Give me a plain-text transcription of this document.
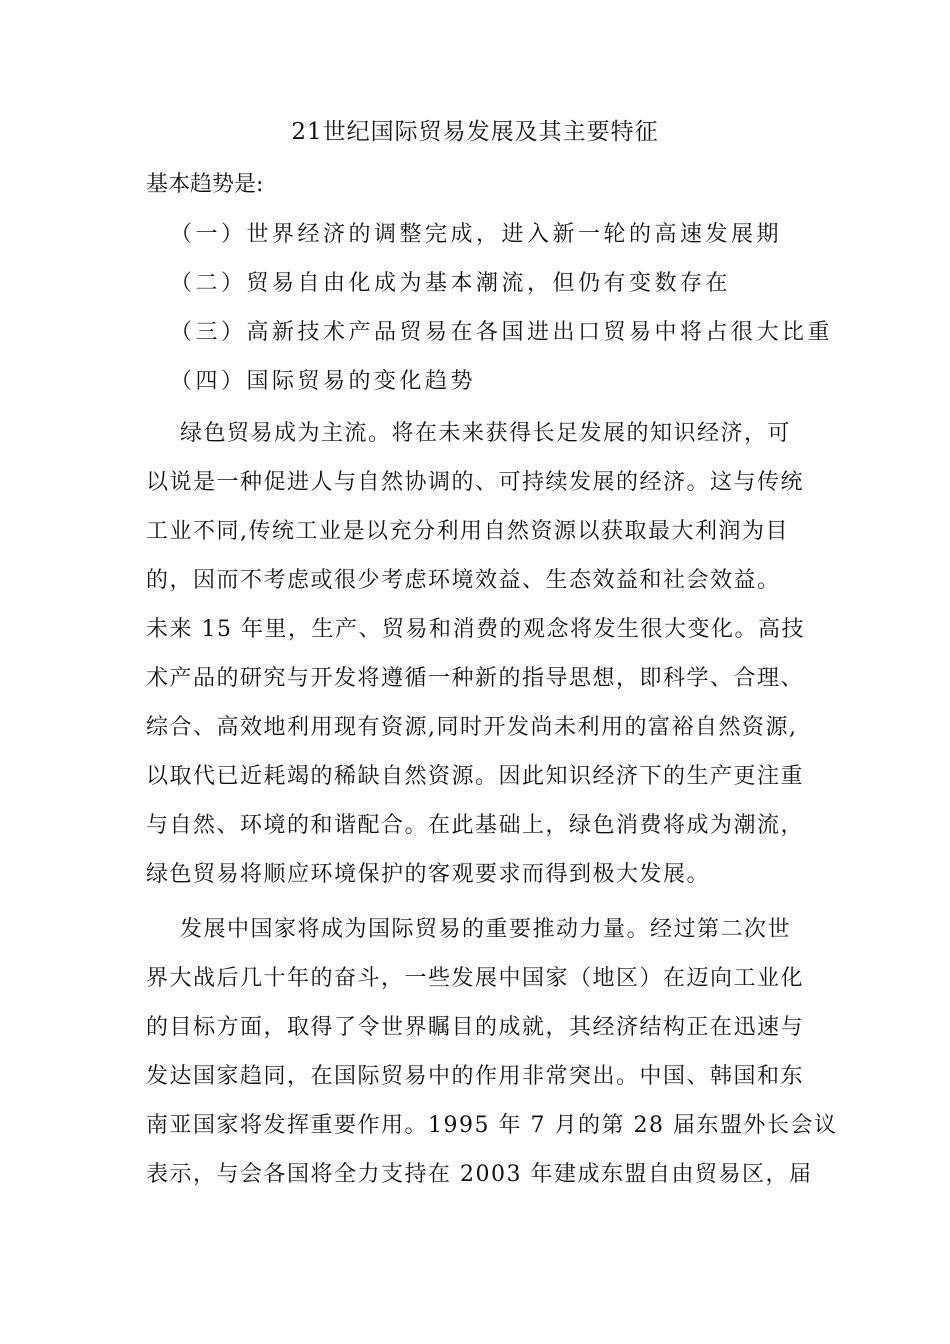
21世纪国际贸易发展及其主要特征
基本趋势是:
（一）世界经济的调整完成，进入新一轮的高速发展期
（二）贸易自由化成为基本潮流，但仍有变数存在
（三）高新技术产品贸易在各国进出口贸易中将占很大比重
（四）国际贸易的变化趋势
绿色贸易成为主流。将在未来获得长足发展的知识经济，可
以说是一种促进人与自然协调的、可持续发展的经济。这与传统
工业不同,传统工业是以充分利用自然资源以获取最大利润为目
的，因而不考虑或很少考虑环境效益、生态效益和社会效益。
未来 15 年里，生产、贸易和消费的观念将发生很大变化。高技
术产品的研究与开发将遵循一种新的指导思想，即科学、合理、
综合、高效地利用现有资源,同时开发尚未利用的富裕自然资源,
以取代已近耗竭的稀缺自然资源。因此知识经济下的生产更注重
与自然、环境的和谐配合。在此基础上，绿色消费将成为潮流，
绿色贸易将顺应环境保护的客观要求而得到极大发展。
发展中国家将成为国际贸易的重要推动力量。经过第二次世
界大战后几十年的奋斗，一些发展中国家（地区）在迈向工业化
的目标方面，取得了令世界瞩目的成就，其经济结构正在迅速与
发达国家趋同，在国际贸易中的作用非常突出。中国、韩国和东
南亚国家将发挥重要作用。1995 年 7 月的第 28 届东盟外长会议
表示，与会各国将全力支持在 2003 年建成东盟自由贸易区，届
